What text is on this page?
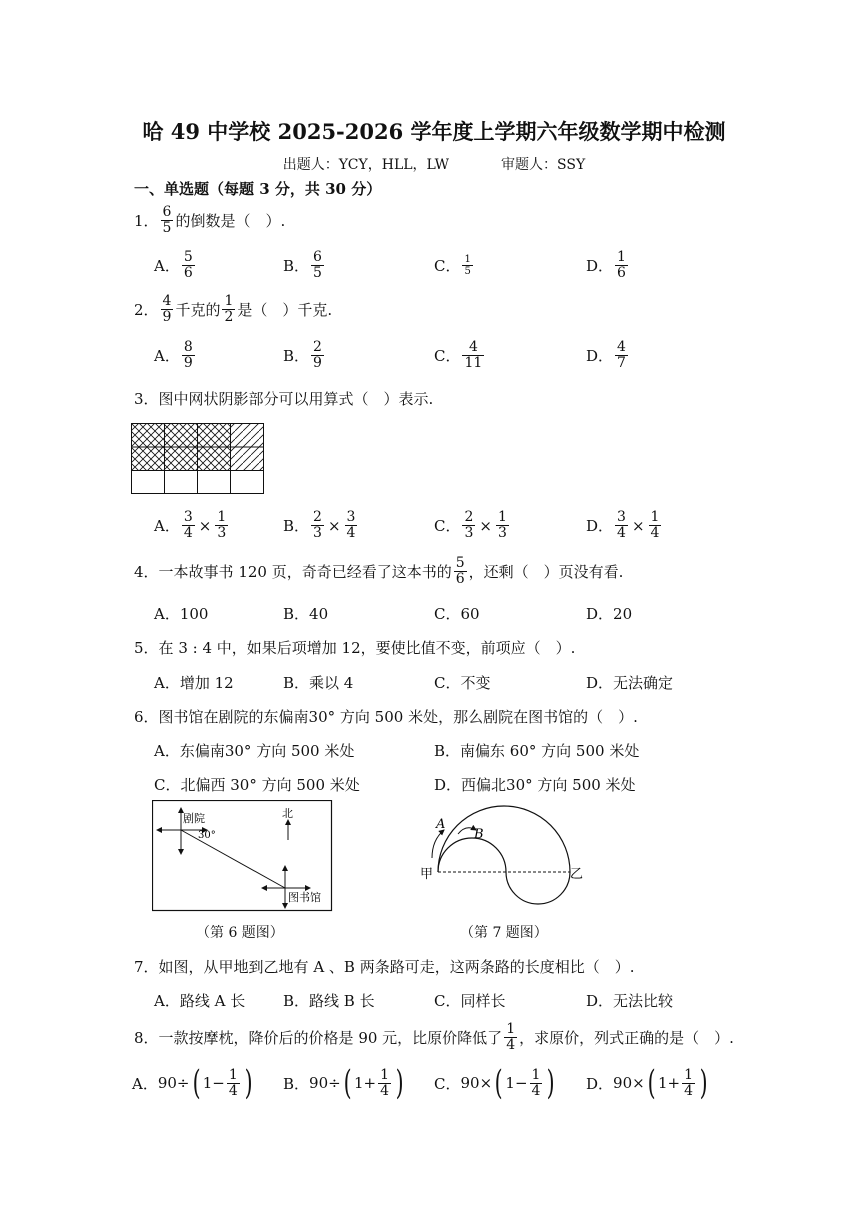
哈 49 中学校 2025-2026 学年度上学期六年级数学期中检测
出题人：YCY，HLL，LW	审题人：SSY
一、单选题（每题 3 分，共 30 分）
1． $\frac{6}{5}$ 的倒数是（　）.
A． $\frac{5}{6}$	B． $\frac{6}{5}$	C． $\frac{1}{5}$	D． $\frac{1}{6}$
2． $\frac{4}{9}$ 千克的 $\frac{1}{2}$ 是（　）千克.
A． $\frac{8}{9}$	B． $\frac{2}{9}$	C． $\frac{4}{11}$	D． $\frac{4}{7}$
3． 图中网状阴影部分可以用算式（　）表示.
A． $\frac{3}{4} \times \frac{1}{3}$	B． $\frac{2}{3} \times \frac{3}{4}$	C． $\frac{2}{3} \times \frac{1}{3}$	D． $\frac{3}{4} \times \frac{1}{4}$
4． 一本故事书 120 页，奇奇已经看了这本书的 $\frac{5}{6}$ ，还剩（　）页没有看.
A．100	B．40	C．60	D．20
5． 在 3 : 4 中，如果后项增加 12，要使比值不变，前项应（　）.
A．增加 12	B．乘以 4	C．不变	D．无法确定
6． 图书馆在剧院的东偏南30° 方向 500 米处，那么剧院在图书馆的（　）.
A．东偏南30° 方向 500 米处	B．南偏东 60° 方向 500 米处
C．北偏西 30° 方向 500 米处	D．西偏北30° 方向 500 米处
剧院
30°
北
图书馆
（第 6 题图）
A
B
甲	乙
（第 7 题图）
7． 如图，从甲地到乙地有 A 、B 两条路可走，这两条路的长度相比（　）.
A．路线 A 长	B．路线 B 长	C．同样长	D．无法比较
8． 一款按摩枕，降价后的价格是 90 元，比原价降低了 $\frac{1}{4}$ ，求原价，列式正确的是（　）.
A． 90÷ ( $1- \frac{1}{4}$ ) B． 90÷ ( $1+ \frac{1}{4}$ ) C． 90× ( $1- \frac{1}{4}$ ) D． 90× ( $1+ \frac{1}{4}$ )
